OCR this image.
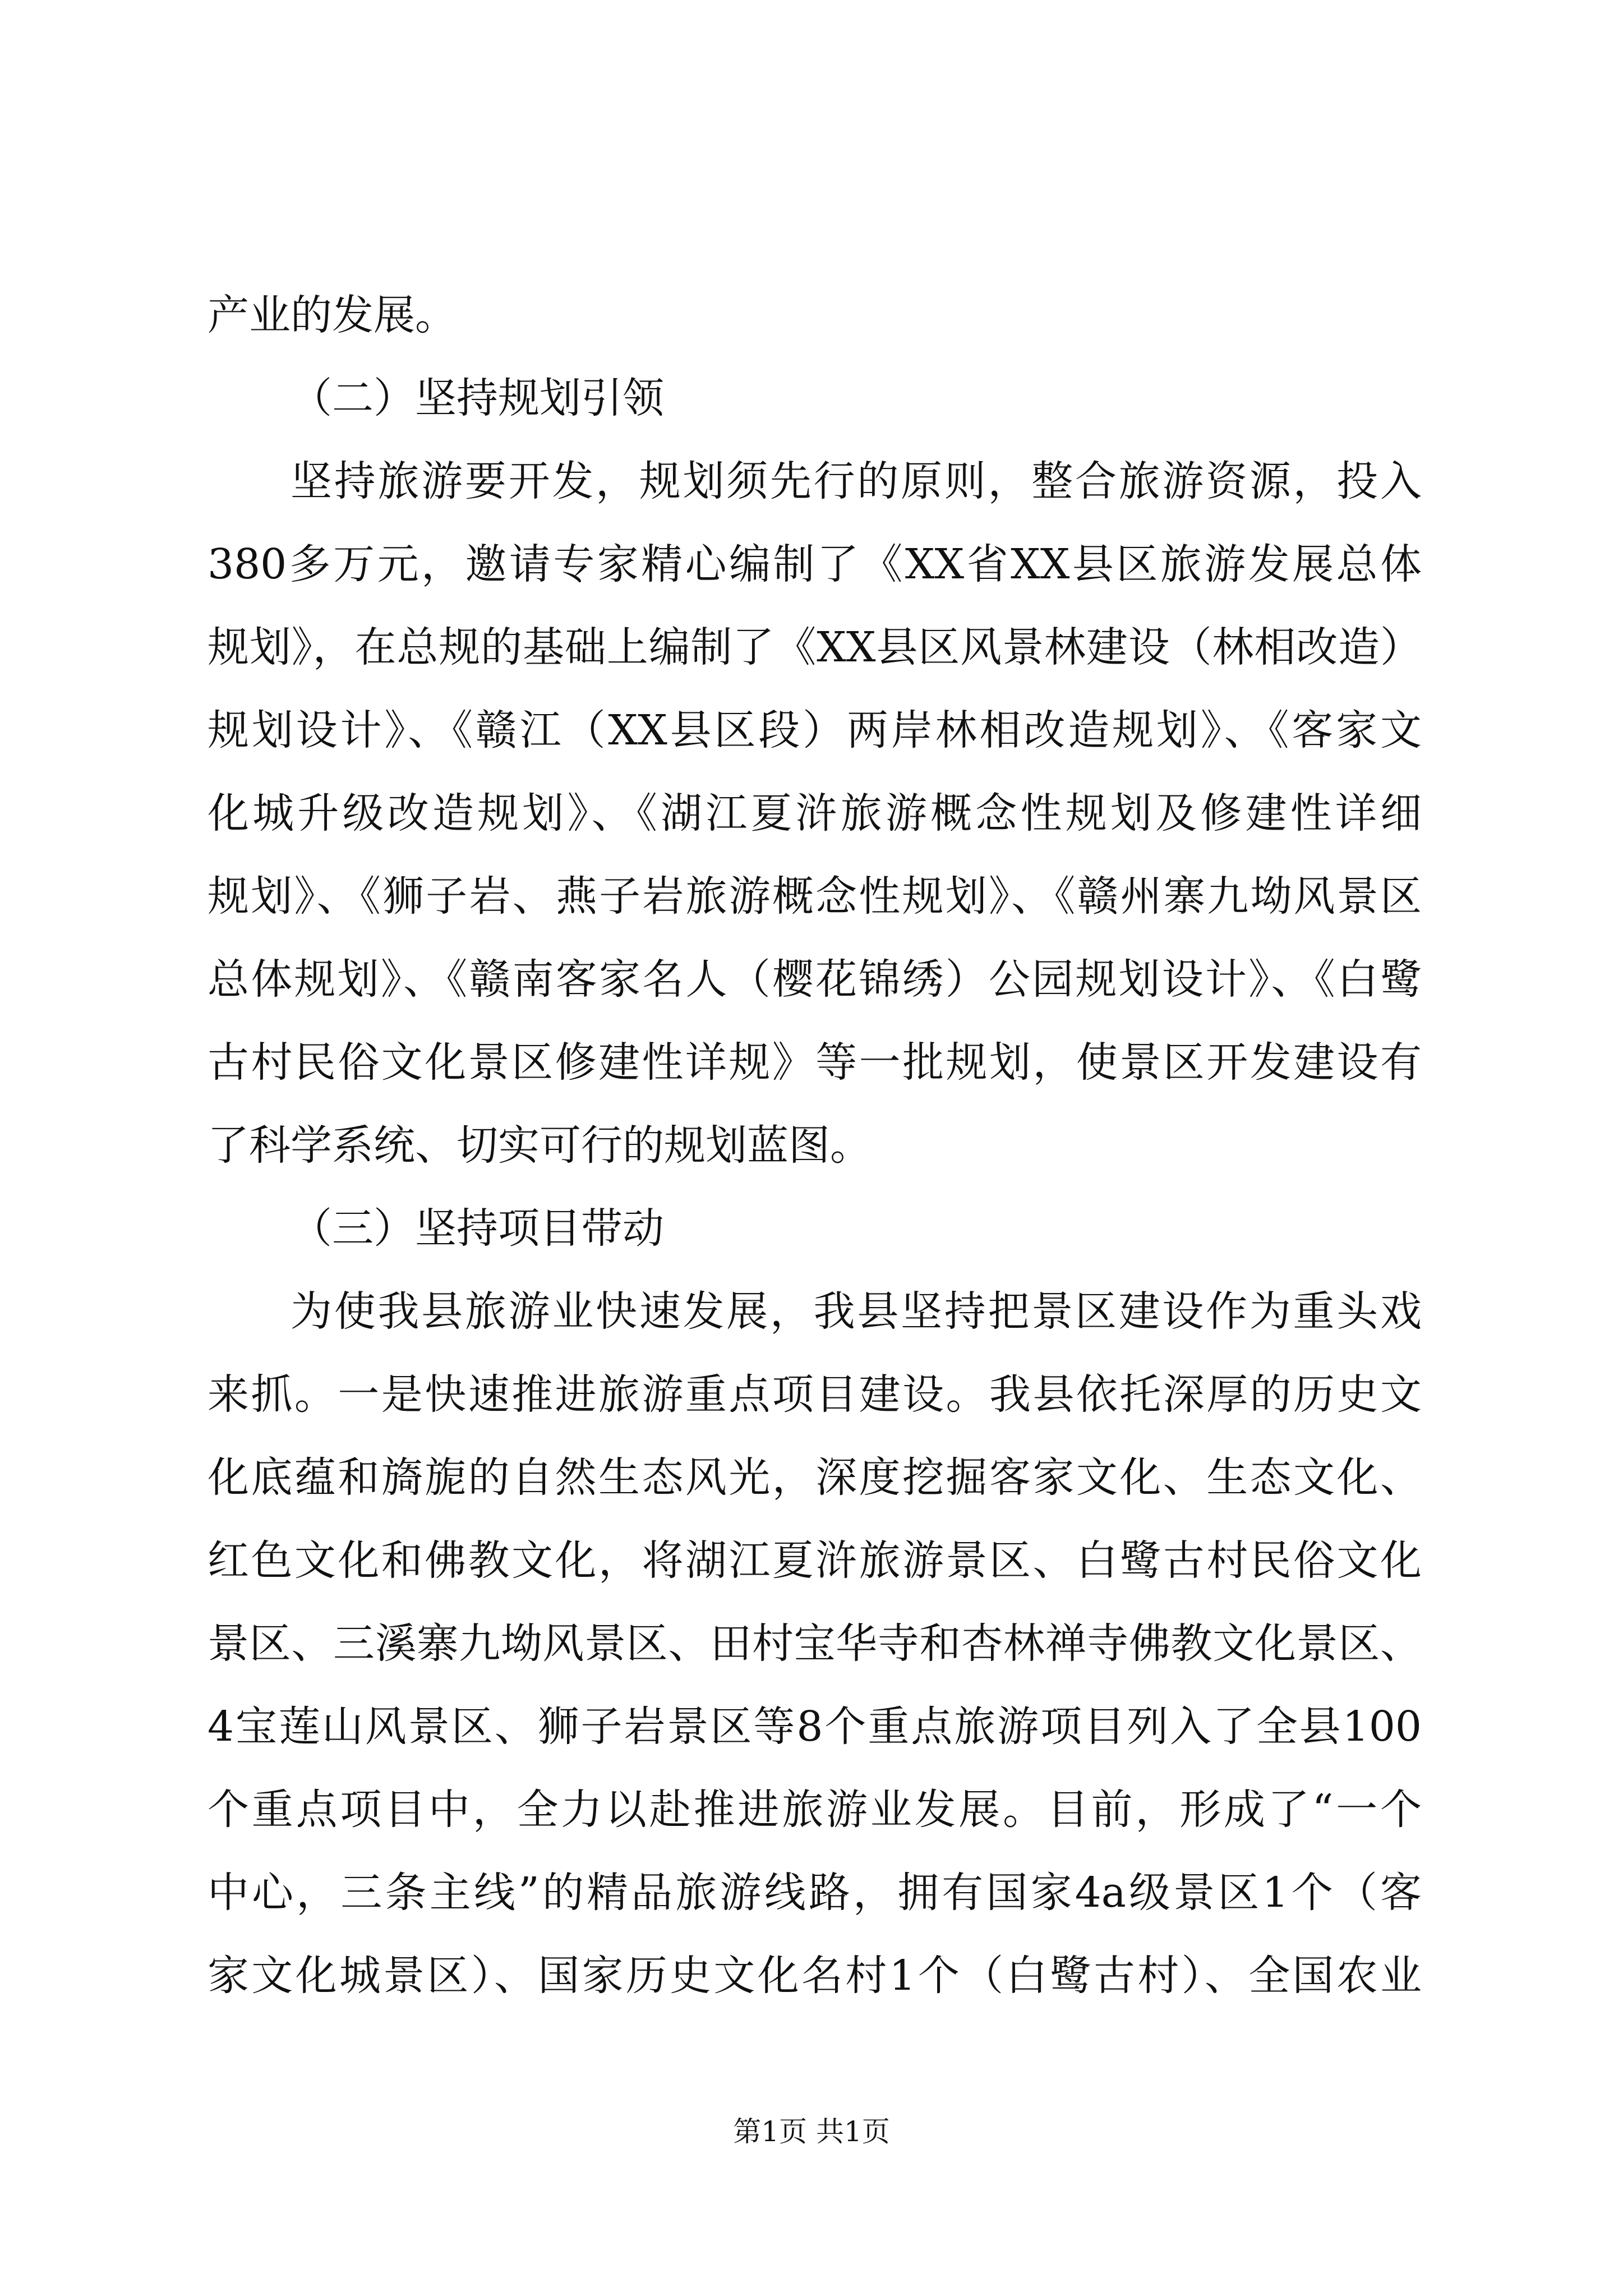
产业的发展。
（二）坚持规划引领
坚持旅游要开发，规划须先行的原则，整合旅游资源，投入
380多万元，邀请专家精心编制了《XX省XX县区旅游发展总体
规划》，在总规的基础上编制了《XX县区风景林建设（林相改造）
规划设计》、《赣江（XX县区段）两岸林相改造规划》、《客家文
化城升级改造规划》、《湖江夏浒旅游概念性规划及修建性详细
规划》、《狮子岩、燕子岩旅游概念性规划》、《赣州寨九坳风景区
总体规划》、《赣南客家名人（樱花锦绣）公园规划设计》、《白鹭
古村民俗文化景区修建性详规》等一批规划，使景区开发建设有
了科学系统、切实可行的规划蓝图。
（三）坚持项目带动
为使我县旅游业快速发展，我县坚持把景区建设作为重头戏
来抓。一是快速推进旅游重点项目建设。我县依托深厚的历史文
化底蕴和旖旎的自然生态风光，深度挖掘客家文化、生态文化、
红色文化和佛教文化，将湖江夏浒旅游景区、白鹭古村民俗文化
景区、三溪寨九坳风景区、田村宝华寺和杏林禅寺佛教文化景区、
4宝莲山风景区、狮子岩景区等8个重点旅游项目列入了全县100
个重点项目中，全力以赴推进旅游业发展。目前，形成了“一个
中心，三条主线”的精品旅游线路，拥有国家4a级景区1个（客
家文化城景区）、国家历史文化名村1个（白鹭古村）、全国农业
第1页 共1页
